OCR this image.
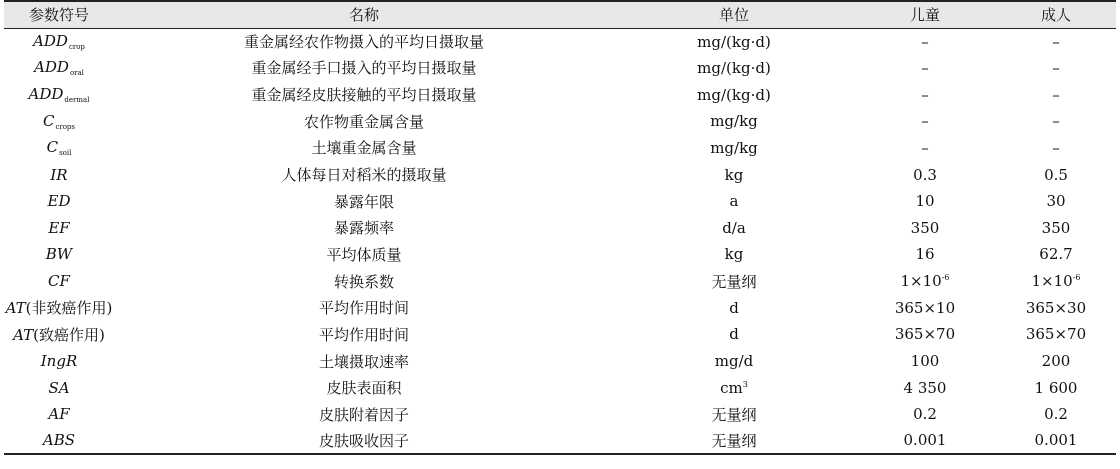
参数符号	名称	单位	儿童	成人
$ADD_{crop}$	重金属经农作物摄入的平均日摄取量	mg/(kg·d)	–	–
$ADD_{oral}$	重金属经手口摄入的平均日摄取量	mg/(kg·d)	–	–
$ADD_{dermal}$	重金属经皮肤接触的平均日摄取量	mg/(kg·d)	–	–
$C_{crops}$	农作物重金属含量	mg/kg	–	–
$C_{soil}$	土壤重金属含量	mg/kg	–	–
IR	人体每日对稻米的摄取量	kg	0.3	0.5
ED	暴露年限	a	10	30
EF	暴露频率	d/a	350	350
BW	平均体质量	kg	16	62.7
CF	转换系数	无量纲	$1\times 10^{-6}$	$1\times 10^{-6}$
AT(非致癌作用)	平均作用时间	d	365×10	365×30
AT(致癌作用)	平均作用时间	d	365×70	365×70
IngR	土壤摄取速率	mg/d	100	200
SA	皮肤表面积	$cm^3$	4 350	1 600
AF	皮肤附着因子	无量纲	0.2	0.2
ABS	皮肤吸收因子	无量纲	0.001	0.001
